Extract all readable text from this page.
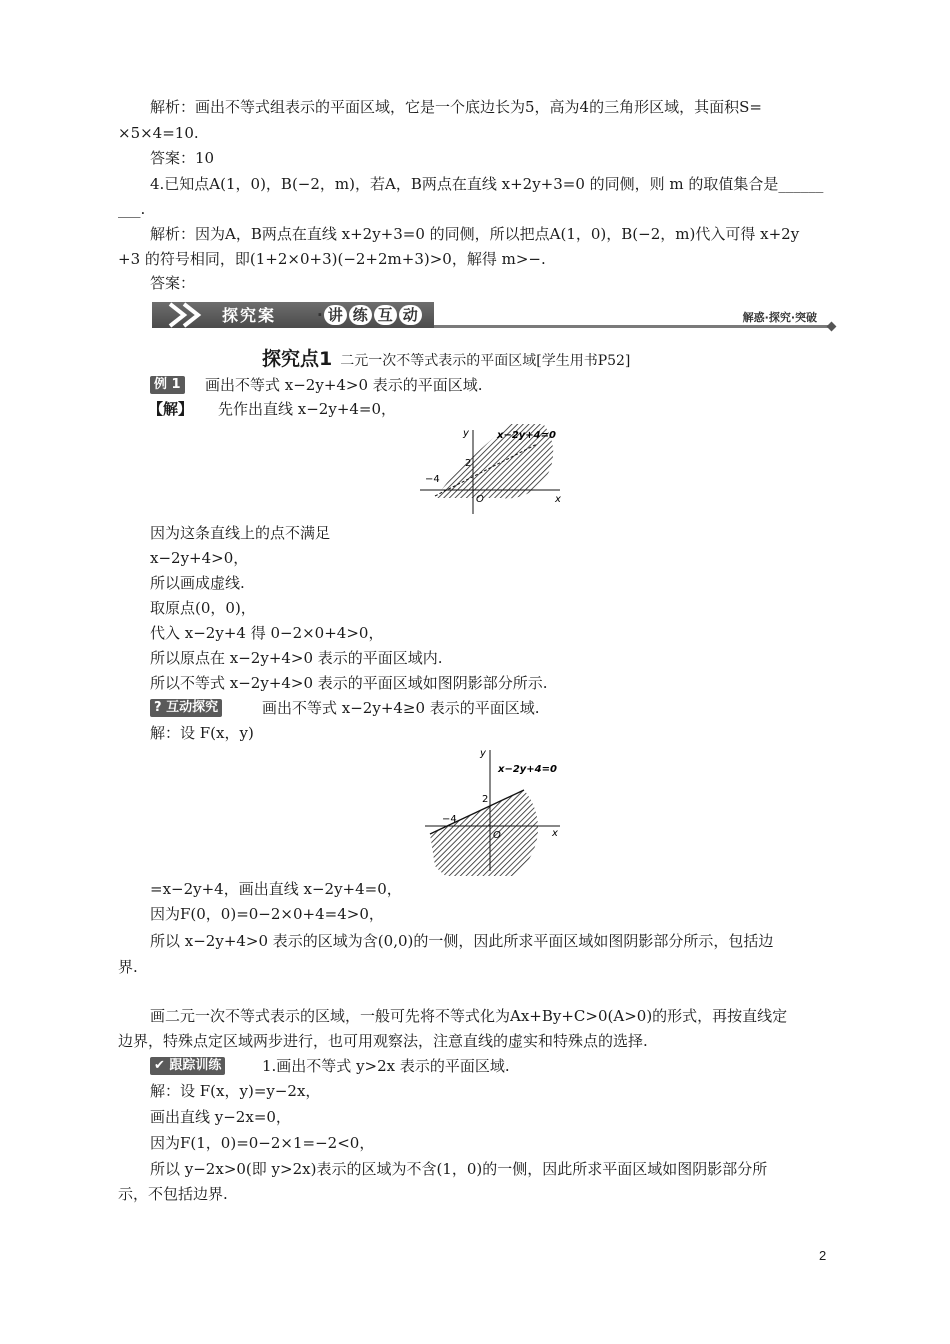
解析：画出不等式组表示的平面区域，它是一个底边长为5，高为4的三角形区域，其面积S=
×5×4=10.
答案：10
4.已知点A(1，0)，B(−2，m)，若A，B两点在直线 x+2y+3=0 的同侧，则 m 的取值集合是______
___.
解析：因为A，B两点在直线 x+2y+3=0 的同侧，所以把点A(1，0)，B(−2，m)代入可得 x+2y
+3 的符号相同，即(1+2×0+3)(−2+2m+3)>0，解得 m>−.
答案：
探究案	· 讲 练 互 动	解惑·探究·突破
探究点1 二元一次不等式表示的平面区域[学生用书P52]
例 1 画出不等式 x−2y+4>0 表示的平面区域.
【解】 先作出直线 x−2y+4=0，
x−2y+4=0
y
x
2
−4
O
因为这条直线上的点不满足
x−2y+4>0，
所以画成虚线.
取原点(0，0)，
代入 x−2y+4 得 0−2×0+4>0，
所以原点在 x−2y+4>0 表示的平面区域内.
所以不等式 x−2y+4>0 表示的平面区域如图阴影部分所示.
? 互动探究	画出不等式 x−2y+4≥0 表示的平面区域.
解：设 F(x，y)
x−2y+4=0
y
x
2
−4
O
=x−2y+4，画出直线 x−2y+4=0，
因为F(0，0)=0−2×0+4=4>0，
所以 x−2y+4>0 表示的区域为含(0,0)的一侧，因此所求平面区域如图阴影部分所示，包括边
界.
画二元一次不等式表示的区域，一般可先将不等式化为Ax+By+C>0(A>0)的形式，再按直线定
边界，特殊点定区域两步进行，也可用观察法，注意直线的虚实和特殊点的选择.
✔ 跟踪训练	1.画出不等式 y>2x 表示的平面区域.
解：设 F(x，y)=y−2x，
画出直线 y−2x=0，
因为F(1，0)=0−2×1=−2<0，
所以 y−2x>0(即 y>2x)表示的区域为不含(1，0)的一侧，因此所求平面区域如图阴影部分所
示，不包括边界.
2
